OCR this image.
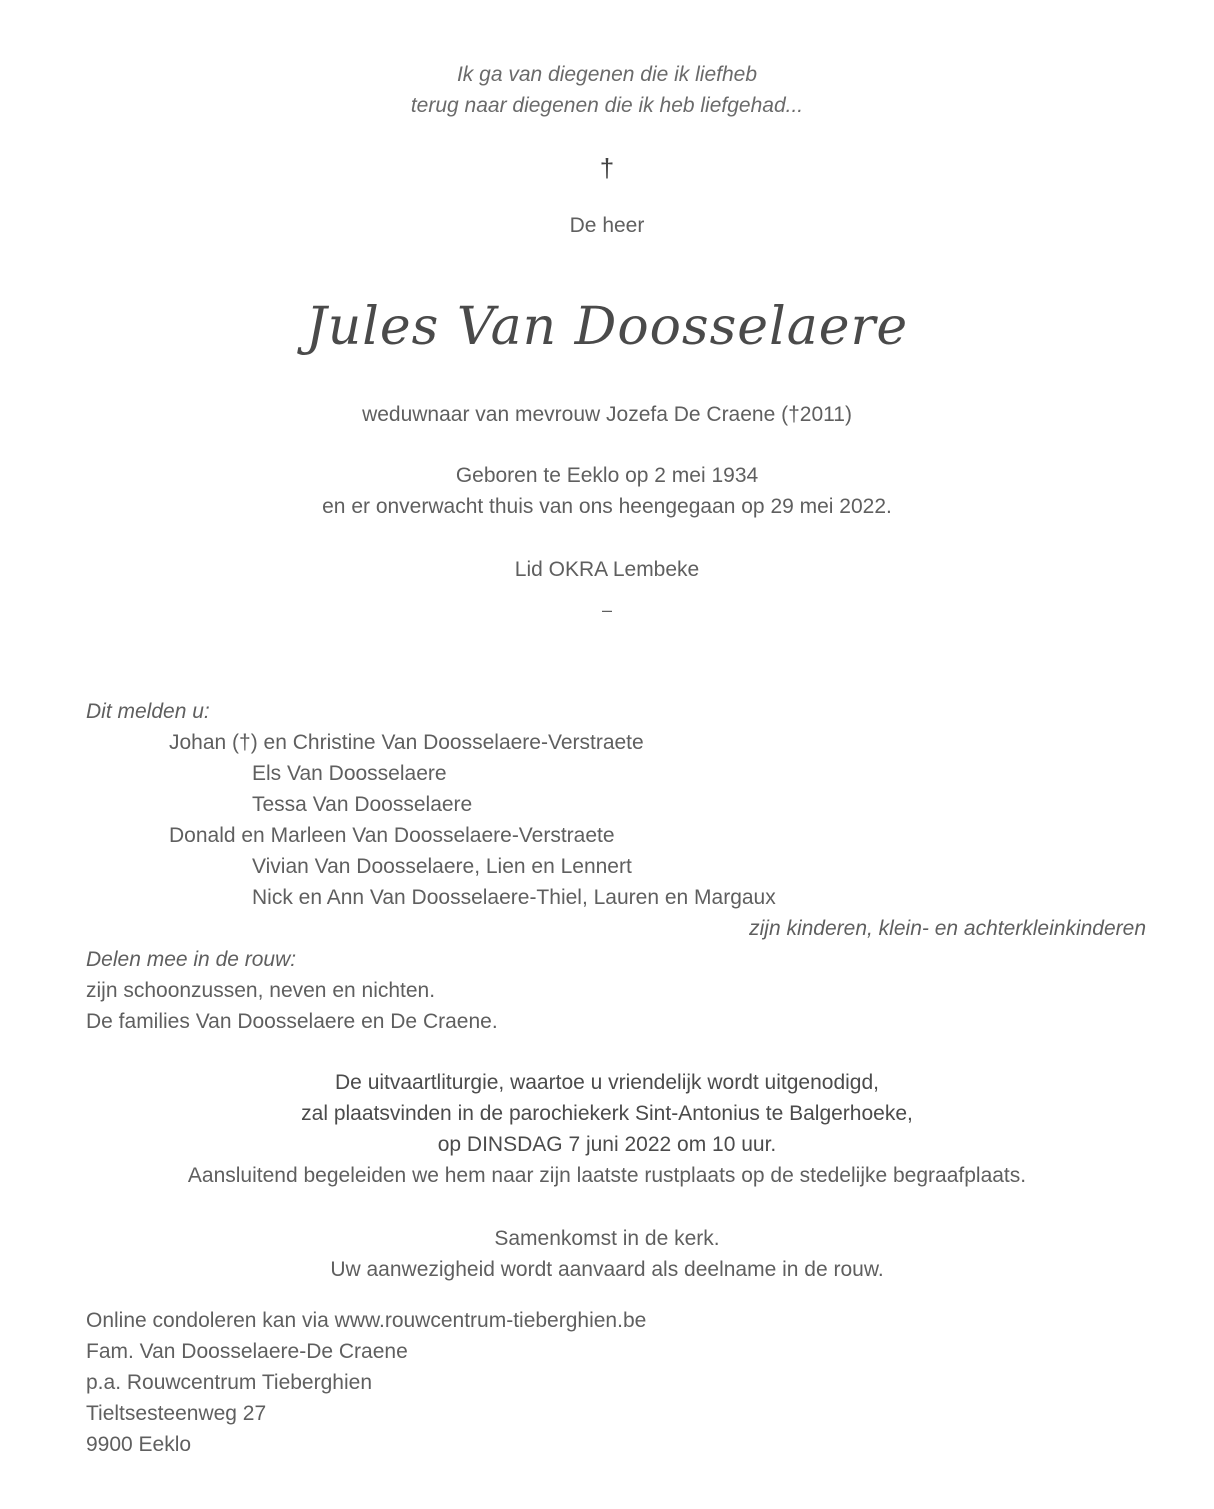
Ik ga van diegenen die ik liefheb
terug naar diegenen die ik heb liefgehad...
†
De heer
Jules Van Doosselaere
weduwnaar van mevrouw Jozefa De Craene (†2011)
Geboren te Eeklo op 2 mei 1934
en er onverwacht thuis van ons heengegaan op 29 mei 2022.
Lid OKRA Lembeke
–
Dit melden u:
Johan (†) en Christine Van Doosselaere-Verstraete
Els Van Doosselaere
Tessa Van Doosselaere
Donald en Marleen Van Doosselaere-Verstraete
Vivian Van Doosselaere, Lien en Lennert
Nick en Ann Van Doosselaere-Thiel, Lauren en Margaux
zijn kinderen, klein- en achterkleinkinderen
Delen mee in de rouw:
zijn schoonzussen, neven en nichten.
De families Van Doosselaere en De Craene.
De uitvaartliturgie, waartoe u vriendelijk wordt uitgenodigd,
zal plaatsvinden in de parochiekerk Sint-Antonius te Balgerhoeke,
op DINSDAG 7 juni 2022 om 10 uur.
Aansluitend begeleiden we hem naar zijn laatste rustplaats op de stedelijke begraafplaats.
Samenkomst in de kerk.
Uw aanwezigheid wordt aanvaard als deelname in de rouw.
Online condoleren kan via www.rouwcentrum-tieberghien.be
Fam. Van Doosselaere-De Craene
p.a. Rouwcentrum Tieberghien
Tieltsesteenweg 27
9900 Eeklo
